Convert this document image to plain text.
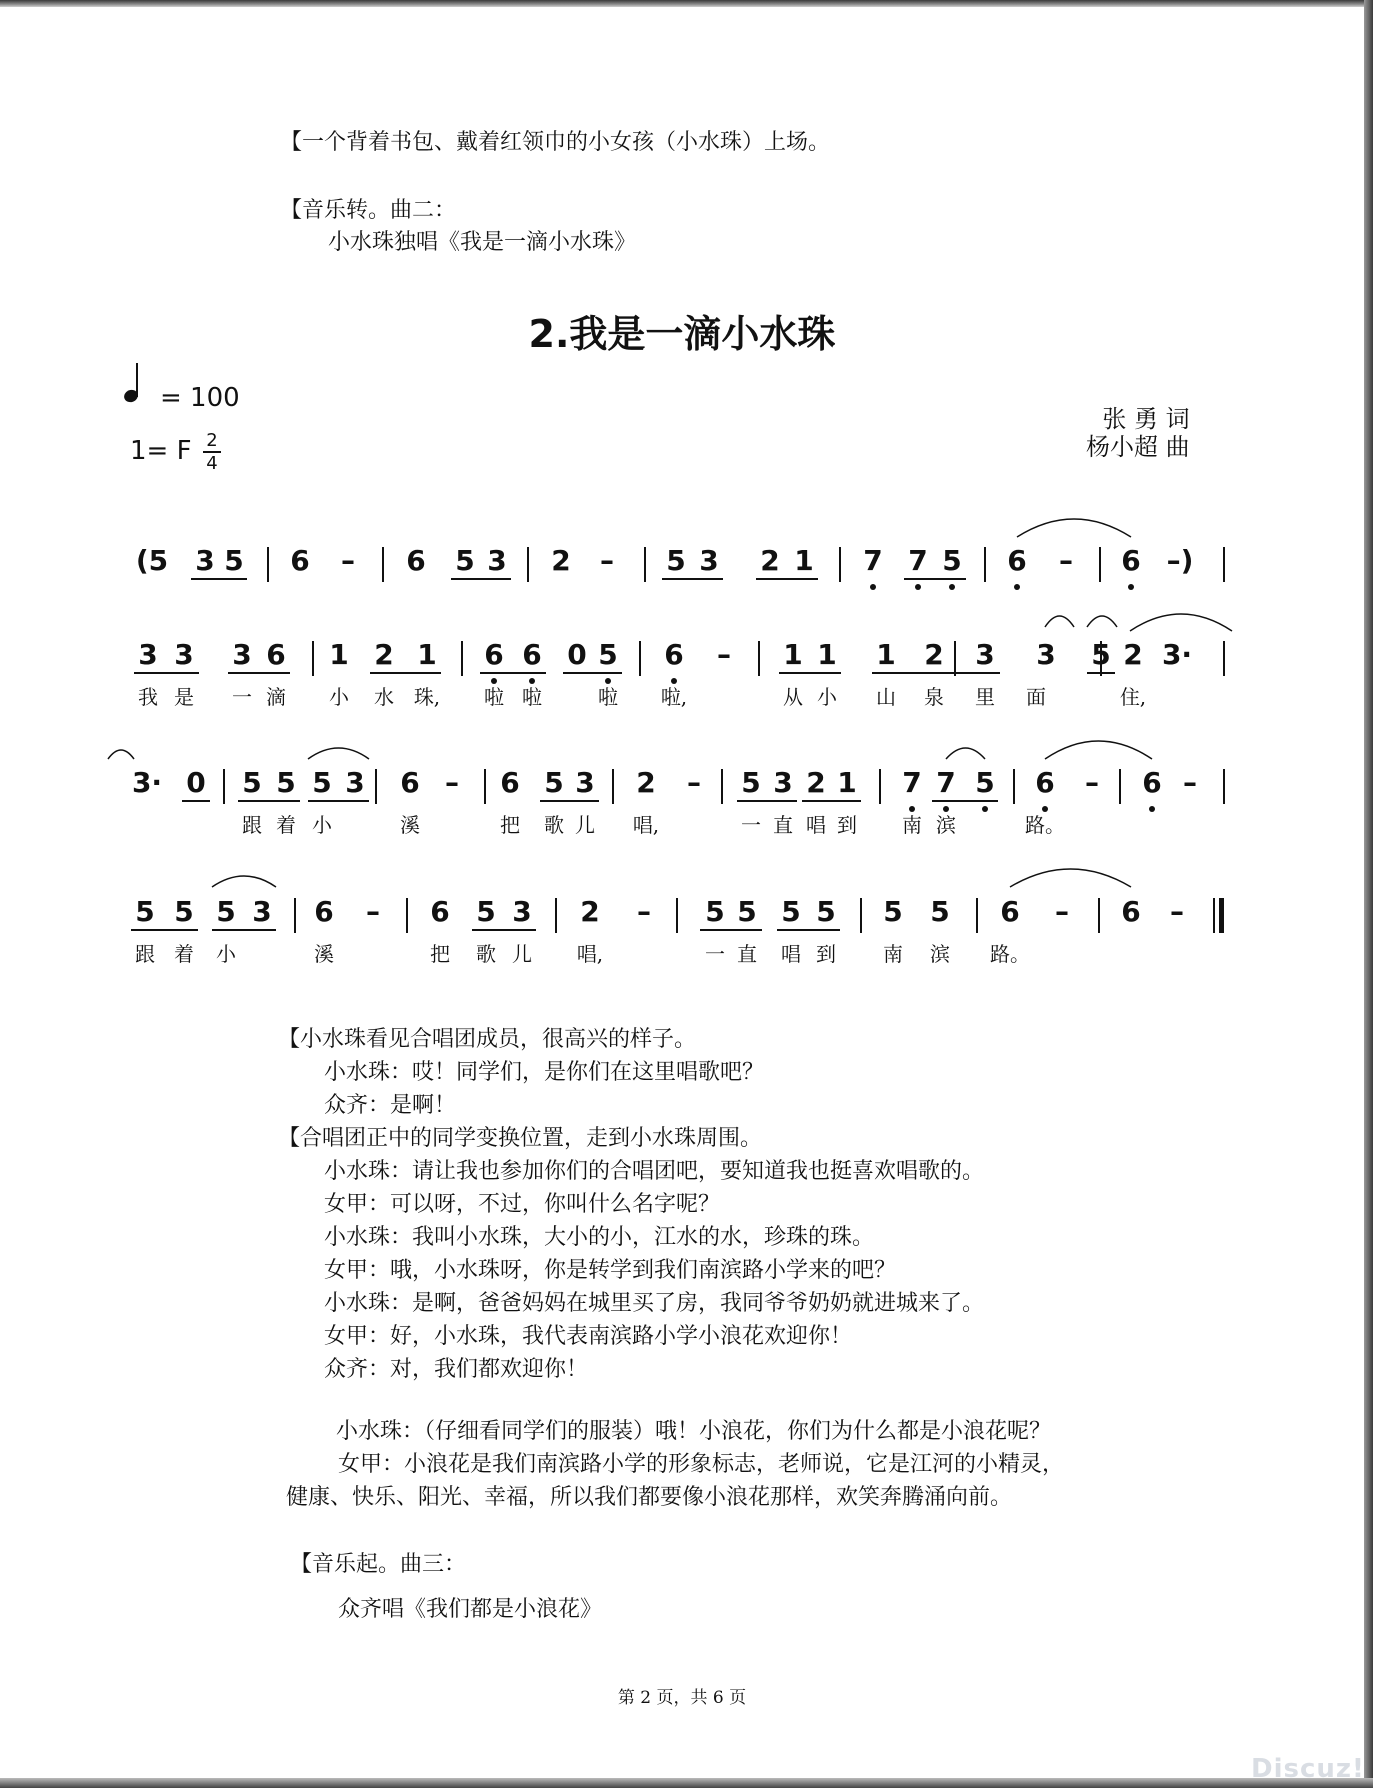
【一个背着书包、戴着红领巾的小女孩（小水珠）上场。
【音乐转。曲二：
小水珠独唱《我是一滴小水珠》
2.我是一滴小水珠
= 100
1= F 2
4
张 勇 词
杨小超 曲
(5 3 5 6 – 6 5 3 2 – 5 3 2 1 7 7 5 6 – 6 –)
3 3 3 6 1 2 1 6 6 0 5 6 – 1 1 1 2 3 3 5 2 3·
3· 0 5 5 5 3 6 – 6 5 3 2 – 5 3 2 1 7 7 5 6 – 6 –
5 5 5 3 6 – 6 5 3 2 – 5 5 5 5 5 5 6 – 6 –
我 是 一 滴 小 水 珠, 啦 啦	啦 啦,	从 小 山 泉 里 面	住,
跟 着 小	溪	把 歌 儿 唱,	一 直 唱 到 南 滨	路。
跟 着 小	溪	把 歌 儿 唱,	一 直 唱 到 南 滨 路。
【小水珠看见合唱团成员，很高兴的样子。
小水珠：哎！同学们，是你们在这里唱歌吧？
众齐：是啊！
【合唱团正中的同学变换位置，走到小水珠周围。
小水珠：请让我也参加你们的合唱团吧，要知道我也挺喜欢唱歌的。
女甲：可以呀，不过，你叫什么名字呢？
小水珠：我叫小水珠，大小的小，江水的水，珍珠的珠。
女甲：哦，小水珠呀，你是转学到我们南滨路小学来的吧？
小水珠：是啊，爸爸妈妈在城里买了房，我同爷爷奶奶就进城来了。
女甲：好，小水珠，我代表南滨路小学小浪花欢迎你！
众齐：对，我们都欢迎你！
小水珠：（仔细看同学们的服装）哦！小浪花，你们为什么都是小浪花呢？
女甲：小浪花是我们南滨路小学的形象标志，老师说，它是江河的小精灵，
健康、快乐、阳光、幸福，所以我们都要像小浪花那样，欢笑奔腾涌向前。
【音乐起。曲三：
众齐唱《我们都是小浪花》
第 2 页，共 6 页
Discuz!
